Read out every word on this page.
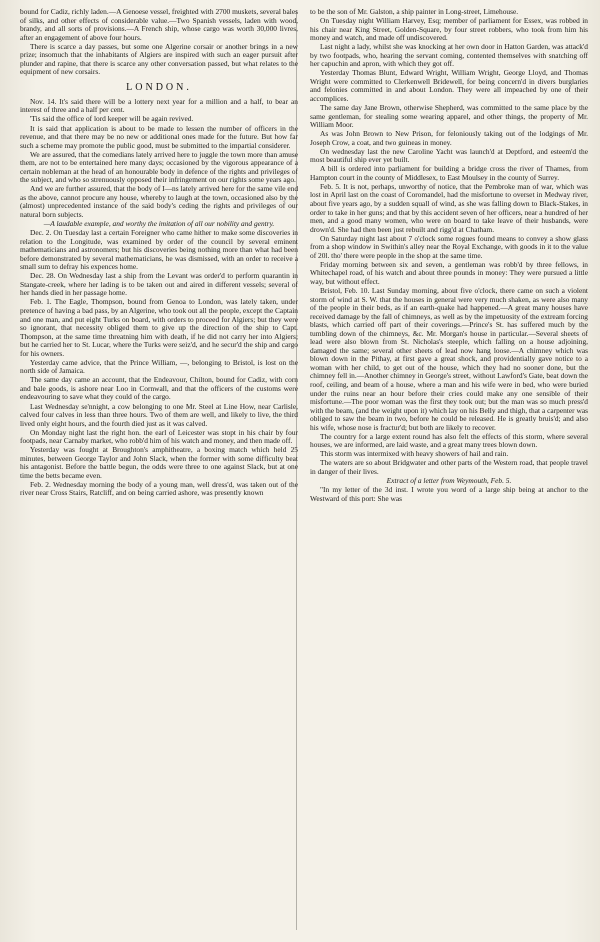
bound for Cadiz, richly laden.—A Genoese vessel, freighted with 2700 muskets, several bales of silks, and other effects of considerable value.—Two Spanish vessels, laden with wood, brandy, and all sorts of provisions.—A French ship, whose cargo was worth 30,000 livres, after an engagement of above four hours.

There is scarce a day passes, but some one Algerine corsair or another brings in a new prize; insomuch that the inhabitants of Algiers are inspired with such an eager pursuit after plunder and rapine, that there is scarce any other conversation passed, but what relates to the equipment of new corsairs.

LONDON.

Nov. 14. It's said there will be a lottery next year for a million and a half, to bear an interest of three and a half per cent.

'Tis said the office of lord keeper will be again revived.

It is said that application is about to be made to lessen the number of officers in the revenue, and that there may be no new or additional ones made for the future. But how far such a scheme may promote the public good, must be submitted to the impartial considerer.

We are assured, that the comedians lately arrived here to juggle the town more than amuse them, are not to be entertained here many days; occasioned by the vigorous appearance of a certain nobleman at the head of an honourable body in defence of the rights and privileges of the subject, and who so strenuously opposed their infringement on our rights some years ago.

And we are further assured, that the body of I—ns lately arrived here for the same vile end as the above, cannot procure any house, whereby to laugh at the town, occasioned also by the (almost) unprecedented instance of the said body's ceding the rights and privileges of our natural born subjects.

—A laudable example, and worthy the imitation of all our nobility and gentry.

Dec. 2. On Tuesday last a certain Foreigner who came hither to make some discoveries in relation to the Longitude, was examined by order of the council by several eminent mathematicians and astronomers; but his discoveries being nothing more than what had been before demonstrated by several mathematicians, he was dismissed, with an order to receive a small sum to defray his expences home.

Dec. 28. On Wednesday last a ship from the Levant was order'd to perform quarantin in Stangate-creek, where her lading is to be taken out and aired in different vessels; several of her hands died in her passage home.

Feb. 1. The Eagle, Thompson, bound from Genoa to London, was lately taken, under pretence of having a bad pass, by an Algerine, who took out all the people, except the Captain and one man, and put eight Turks on board, with orders to proceed for Algiers; but they were so ignorant, that necessity obliged them to give up the direction of the ship to Capt. Thompson, at the same time threatning him with death, if he did not carry her into Algiers; but he carried her to St. Lucar, where the Turks were seiz'd, and he secur'd the ship and cargo for his owners.

Yesterday came advice, that the Prince William, —, belonging to Bristol, is lost on the north side of Jamaica.

The same day came an account, that the Endeavour, Chilton, bound for Cadiz, with corn and bale goods, is ashore near Loo in Cornwall, and that the officers of the customs were endeavouring to save what they could of the cargo.

Last Wednesday se'nnight, a cow belonging to one Mr. Steel at Line How, near Carlisle, calved four calves in less than three hours. Two of them are well, and likely to live, the third lived only eight hours, and the fourth died just as it was calved.

On Monday night last the right hon. the earl of Leicester was stopt in his chair by four footpads, near Carnaby market, who robb'd him of his watch and money, and then made off.

Yesterday was fought at Broughton's amphitheatre, a boxing match which held 25 minutes, between George Taylor and John Slack, when the former with some difficulty beat his antagonist. Before the battle begun, the odds were three to one against Slack, but at one time the betts became even.

Feb. 2. Wednesday morning the body of a young man, well dress'd, was taken out of the river near Cross Stairs, Ratcliff, and on being carried ashore, was presently known

to be the son of Mr. Galston, a ship painter in Long-street, Limehouse.

On Tuesday night William Harvey, Esq; member of parliament for Essex, was robbed in his chair near King Street, Golden-Square, by four street robbers, who took from him his money and watch, and made off undiscovered.

Last night a lady, whilst she was knocking at her own door in Hatton Garden, was attack'd by two footpads, who, hearing the servant coming, contented themselves with snatching off her capuchin and apron, with which they got off.

Yesterday Thomas Blunt, Edward Wright, William Wright, George Lloyd, and Thomas Wright were committed to Clerkenwell Bridewell, for being concern'd in divers burglaries and felonies committed in and about London. They were all impeached by one of their accomplices.

The same day Jane Brown, otherwise Shepherd, was committed to the same place by the same gentleman, for stealing some wearing apparel, and other things, the property of Mr. William Moor.

As was John Brown to New Prison, for feloniously taking out of the lodgings of Mr. Joseph Crow, a coat, and two guineas in money.

On wednesday last the new Caroline Yacht was launch'd at Deptford, and esteem'd the most beautiful ship ever yet built.

A bill is ordered into parliament for building a bridge cross the river of Thames, from Hampton court in the county of Middlesex, to East Moulsey in the county of Surrey.

Feb. 5. It is not, perhaps, unworthy of notice, that the Pembroke man of war, which was lost in April last on the coast of Coromandel, had the misfortune to overset in Medway river, about five years ago, by a sudden squall of wind, as she was falling down to Black-Stakes, in order to take in her guns; and that by this accident seven of her officers, near a hundred of her men, and a good many women, who were on board to take leave of their husbands, were drown'd. She had then been just rebuilt and rigg'd at Chatham.

On Saturday night last about 7 o'clock some rogues found means to convey a show glass from a shop window in Swithin's alley near the Royal Exchange, with goods in it to the value of 20l. tho' there were people in the shop at the same time.

Friday morning between six and seven, a gentleman was robb'd by three fellows, in Whitechapel road, of his watch and about three pounds in money: They were pursued a little way, but without effect.

Bristol, Feb. 10. Last Sunday morning, about five o'clock, there came on such a violent storm of wind at S. W. that the houses in general were very much shaken, as were also many of the people in their beds, as if an earth-quake had happened.—A great many houses have received damage by the fall of chimneys, as well as by the impetuosity of the extream forcing blasts, which carried off part of their coverings.—Prince's St. has suffered much by the tumbling down of the chimneys, &c. Mr. Morgan's house in particular.—Several sheets of lead were also blown from St. Nicholas's steeple, which falling on a house adjoining, damaged the same; several other sheets of lead now hang loose.—A chimney which was blown down in the Pithay, at first gave a great shock, and providentially gave notice to a woman with her child, to get out of the house, which they had no sooner done, but the chimney fell in.—Another chimney in George's street, without Lawford's Gate, beat down the roof, ceiling, and beam of a house, where a man and his wife were in bed, who were buried under the ruins near an hour before their cries could make any one sensible of their misfortune.—The poor woman was the first they took out; but the man was so much press'd with the beam, (and the weight upon it) which lay on his Belly and thigh, that a carpenter was obliged to saw the beam in two, before he could be released. He is greatly bruis'd; and also his wife, whose nose is fractur'd; but both are likely to recover.

The country for a large extent round has also felt the effects of this storm, where several houses, we are informed, are laid waste, and a great many trees blown down.

This storm was intermixed with heavy showers of hail and rain.

The waters are so about Bridgwater and other parts of the Western road, that people travel in danger of their lives.

Extract of a letter from Weymouth, Feb. 5.

"In my letter of the 3d inst. I wrote you word of a large ship being at anchor to the Westward of this port: She was
